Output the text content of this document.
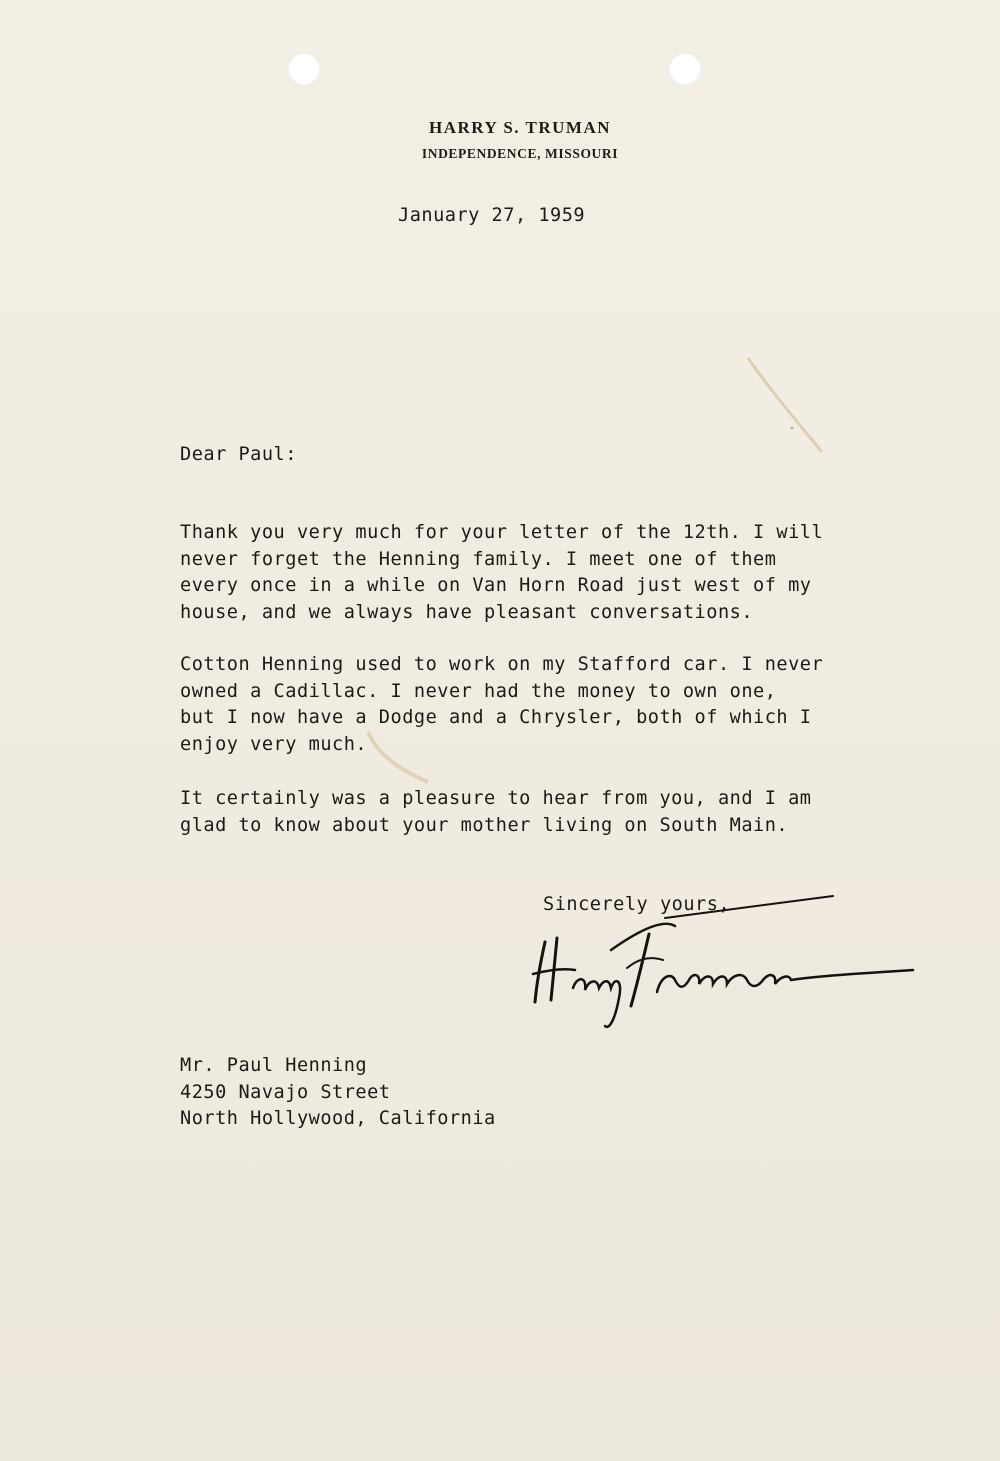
HARRY S. TRUMAN
INDEPENDENCE, MISSOURI
January 27, 1959
Dear Paul:
Thank you very much for your letter of the 12th. I will
never forget the Henning family. I meet one of them
every once in a while on Van Horn Road just west of my
house, and we always have pleasant conversations.
Cotton Henning used to work on my Stafford car. I never
owned a Cadillac. I never had the money to own one,
but I now have a Dodge and a Chrysler, both of which I
enjoy very much.
It certainly was a pleasure to hear from you, and I am
glad to know about your mother living on South Main.
Sincerely yours,
Mr. Paul Henning
4250 Navajo Street
North Hollywood, California
